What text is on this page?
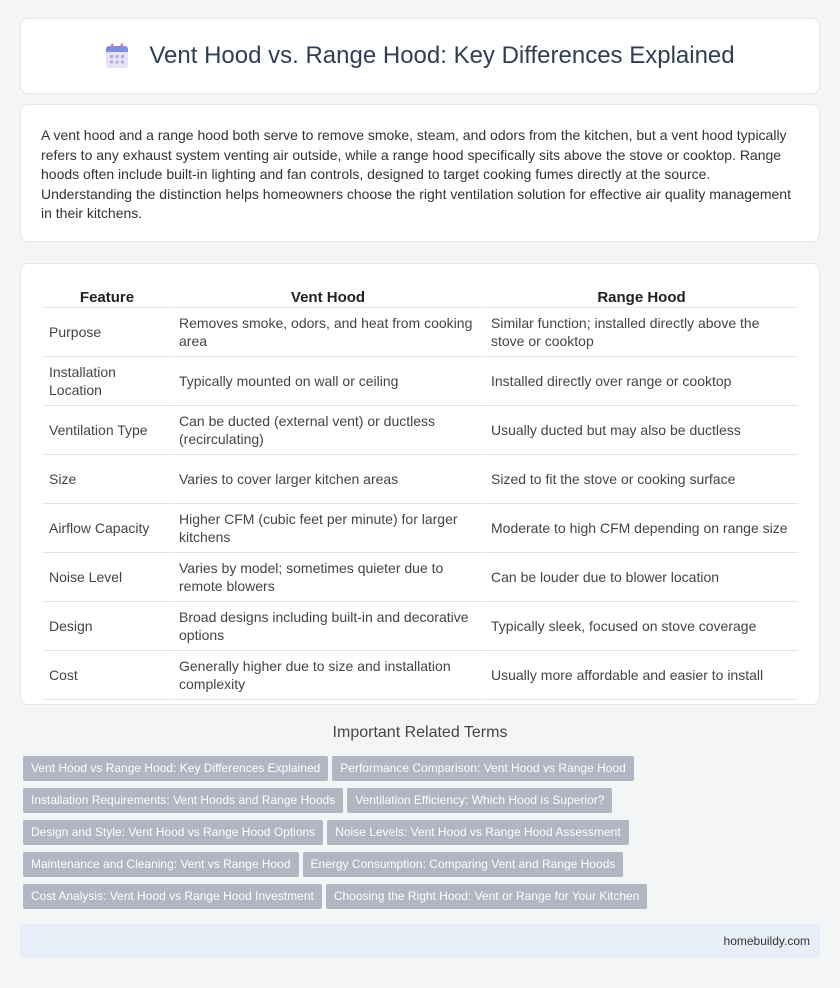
Vent Hood vs. Range Hood: Key Differences Explained

A vent hood and a range hood both serve to remove smoke, steam, and odors from the kitchen, but a vent hood typically refers to any exhaust system venting air outside, while a range hood specifically sits above the stove or cooktop. Range hoods often include built-in lighting and fan controls, designed to target cooking fumes directly at the source. Understanding the distinction helps homeowners choose the right ventilation solution for effective air quality management in their kitchens.

Feature	Vent Hood	Range Hood
Purpose	Removes smoke, odors, and heat from cooking area	Similar function; installed directly above the stove or cooktop
Installation Location	Typically mounted on wall or ceiling	Installed directly over range or cooktop
Ventilation Type	Can be ducted (external vent) or ductless (recirculating)	Usually ducted but may also be ductless
Size	Varies to cover larger kitchen areas	Sized to fit the stove or cooking surface
Airflow Capacity	Higher CFM (cubic feet per minute) for larger kitchens	Moderate to high CFM depending on range size
Noise Level	Varies by model; sometimes quieter due to remote blowers	Can be louder due to blower location
Design	Broad designs including built-in and decorative options	Typically sleek, focused on stove coverage
Cost	Generally higher due to size and installation complexity	Usually more affordable and easier to install
Important Related Terms
Vent Hood vs Range Hood: Key Differences Explained Performance Comparison: Vent Hood vs Range Hood
Installation Requirements: Vent Hoods and Range Hoods Ventilation Efficiency: Which Hood is Superior?
Design and Style: Vent Hood vs Range Hood Options Noise Levels: Vent Hood vs Range Hood Assessment
Maintenance and Cleaning: Vent vs Range Hood Energy Consumption: Comparing Vent and Range Hoods
Cost Analysis: Vent Hood vs Range Hood Investment Choosing the Right Hood: Vent or Range for Your Kitchen
homebuildy.com
